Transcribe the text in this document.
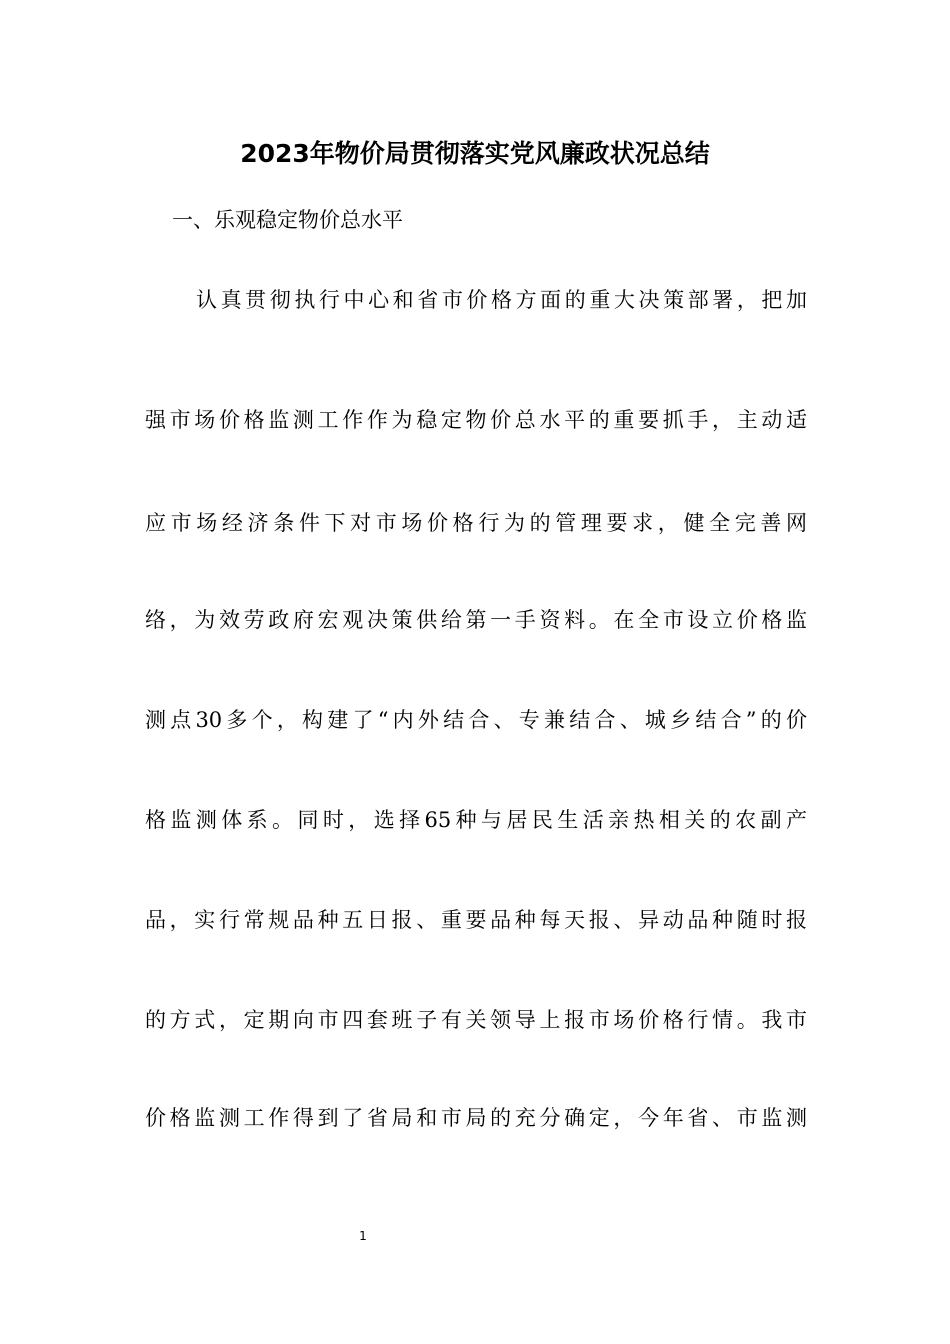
2023年物价局贯彻落实党风廉政状况总结
一、乐观稳定物价总水平
认真贯彻执行中心和省市价格方面的重大决策部署，把加
强市场价格监测工作作为稳定物价总水平的重要抓手，主动适
应市场经济条件下对市场价格行为的管理要求，健全完善网
络，为效劳政府宏观决策供给第一手资料。在全市设立价格监
测点30多个，构建了“内外结合、专兼结合、城乡结合”的价
格监测体系。同时，选择65种与居民生活亲热相关的农副产
品，实行常规品种五日报、重要品种每天报、异动品种随时报
的方式，定期向市四套班子有关领导上报市场价格行情。我市
价格监测工作得到了省局和市局的充分确定，今年省、市监测
1
